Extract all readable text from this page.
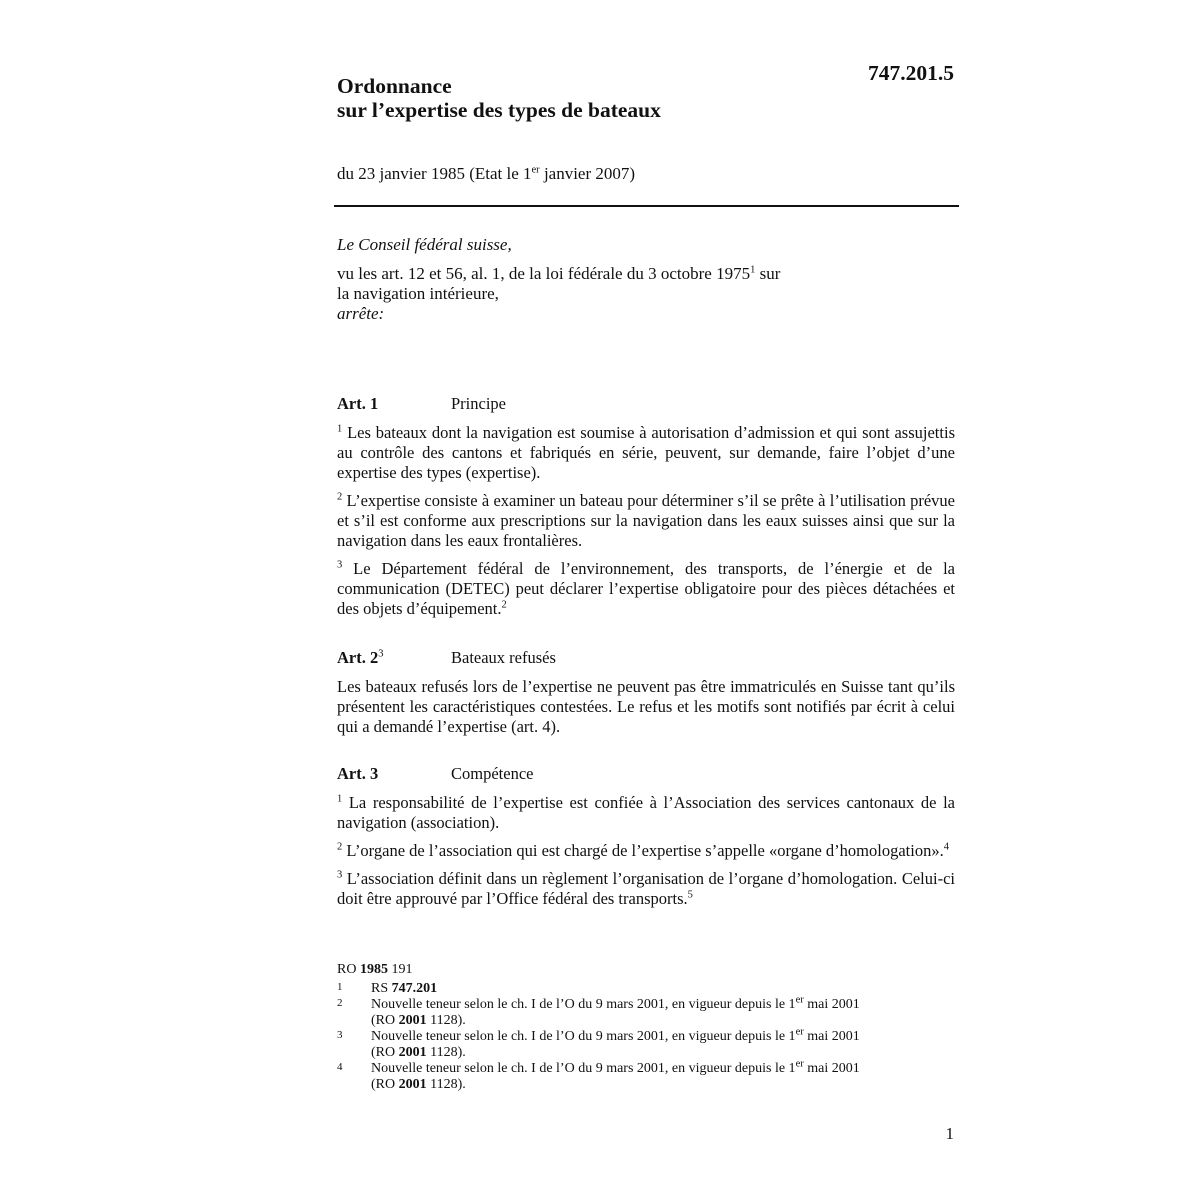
Ordonnance
sur l’expertise des types de bateaux
747.201.5
du 23 janvier 1985 (Etat le 1er janvier 2007)
Le Conseil fédéral suisse,
vu les art. 12 et 56, al. 1, de la loi fédérale du 3 octobre 1975$^1$ sur
la navigation intérieure,
arrête:
Art. 1	Principe

$^1$ Les bateaux dont la navigation est soumise à autorisation d’admission et qui sont assujettis au contrôle des cantons et fabriqués en série, peuvent, sur demande, faire l’objet d’une expertise des types (expertise).

$^2$ L’expertise consiste à examiner un bateau pour déterminer s’il se prête à l’utilisation prévue et s’il est conforme aux prescriptions sur la navigation dans les eaux suisses ainsi que sur la navigation dans les eaux frontalières.

$^3$ Le Département fédéral de l’environnement, des transports, de l’énergie et de la communication (DETEC) peut déclarer l’expertise obligatoire pour des pièces détachées et des objets d’équipement.$^2$

Art. $2^3$	Bateaux refusés

Les bateaux refusés lors de l’expertise ne peuvent pas être immatriculés en Suisse tant qu’ils présentent les caractéristiques contestées. Le refus et les motifs sont notifiés par écrit à celui qui a demandé l’expertise (art. 4).

Art. 3	Compétence

$^1$ La responsabilité de l’expertise est confiée à l’Association des services cantonaux de la navigation (association).

$^2$ L’organe de l’association qui est chargé de l’expertise s’appelle «organe d’homologation».$^4$

$^3$ L’association définit dans un règlement l’organisation de l’organe d’homologation. Celui-ci doit être approuvé par l’Office fédéral des transports.$^5$

RO 1985 191
1	RS 747.201
2	Nouvelle teneur selon le ch. I de l’O du 9 mars 2001, en vigueur depuis le 1er mai 2001
(RO 2001 1128).
3	Nouvelle teneur selon le ch. I de l’O du 9 mars 2001, en vigueur depuis le 1er mai 2001
(RO 2001 1128).
4	Nouvelle teneur selon le ch. I de l’O du 9 mars 2001, en vigueur depuis le 1er mai 2001
(RO 2001 1128).
1
